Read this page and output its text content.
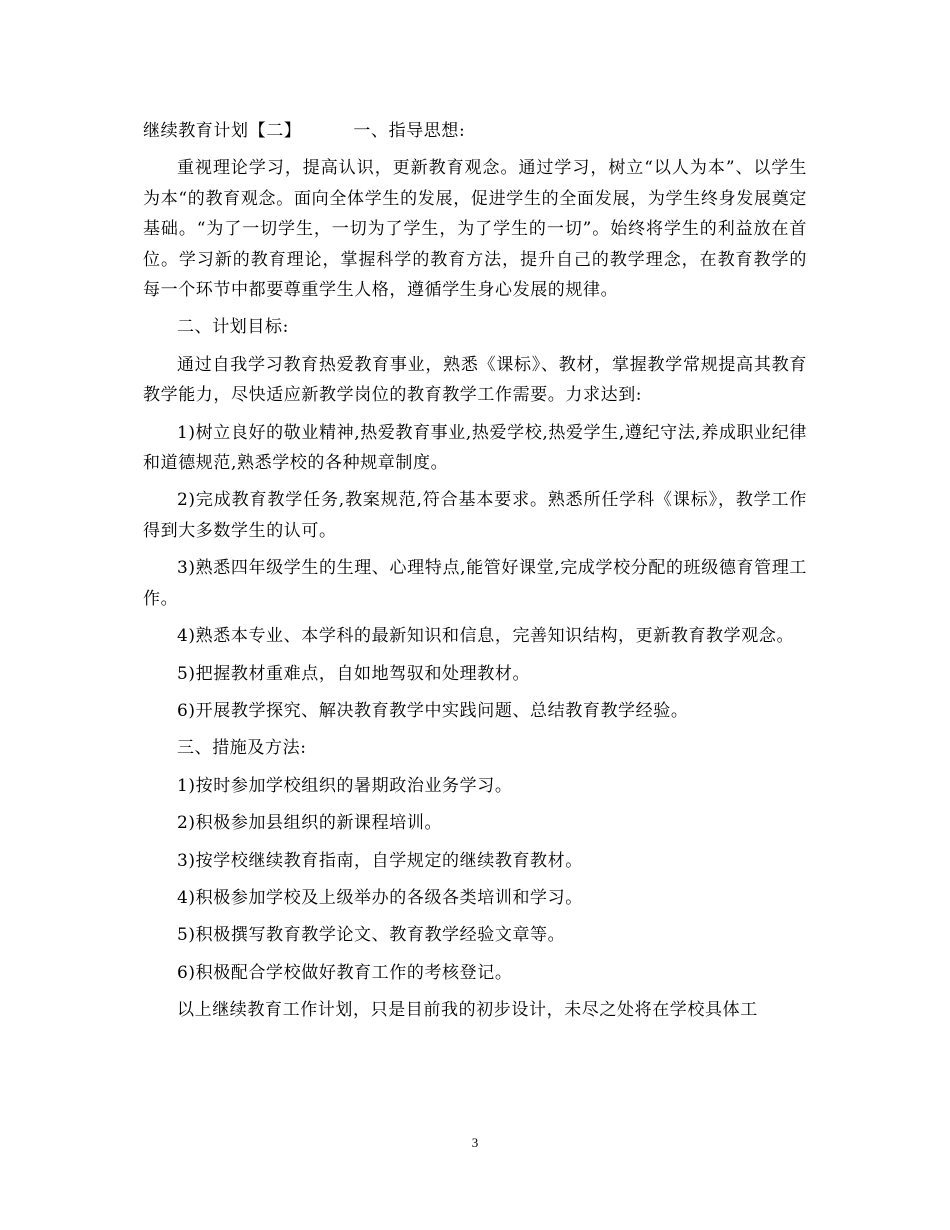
继续教育计划【二】	一、指导思想:

重视理论学习，提高认识，更新教育观念。通过学习，树立“以人为本”、以学生为本“的教育观念。面向全体学生的发展，促进学生的全面发展，为学生终身发展奠定基础。“为了一切学生，一切为了学生，为了学生的一切”。始终将学生的利益放在首位。学习新的教育理论，掌握科学的教育方法，提升自己的教学理念，在教育教学的每一个环节中都要尊重学生人格，遵循学生身心发展的规律。

二、计划目标:

通过自我学习教育热爱教育事业，熟悉《课标》、教材，掌握教学常规提高其教育教学能力，尽快适应新教学岗位的教育教学工作需要。力求达到:

1)树立良好的敬业精神,热爱教育事业,热爱学校,热爱学生,遵纪守法,养成职业纪律和道德规范,熟悉学校的各种规章制度。

2)完成教育教学任务,教案规范,符合基本要求。熟悉所任学科《课标》，教学工作得到大多数学生的认可。

3)熟悉四年级学生的生理、心理特点,能管好课堂,完成学校分配的班级德育管理工作。

4)熟悉本专业、本学科的最新知识和信息，完善知识结构，更新教育教学观念。

5)把握教材重难点，自如地驾驭和处理教材。

6)开展教学探究、解决教育教学中实践问题、总结教育教学经验。

三、措施及方法:

1)按时参加学校组织的暑期政治业务学习。

2)积极参加县组织的新课程培训。

3)按学校继续教育指南，自学规定的继续教育教材。

4)积极参加学校及上级举办的各级各类培训和学习。

5)积极撰写教育教学论文、教育教学经验文章等。

6)积极配合学校做好教育工作的考核登记。

以上继续教育工作计划，只是目前我的初步设计，未尽之处将在学校具体工

3
